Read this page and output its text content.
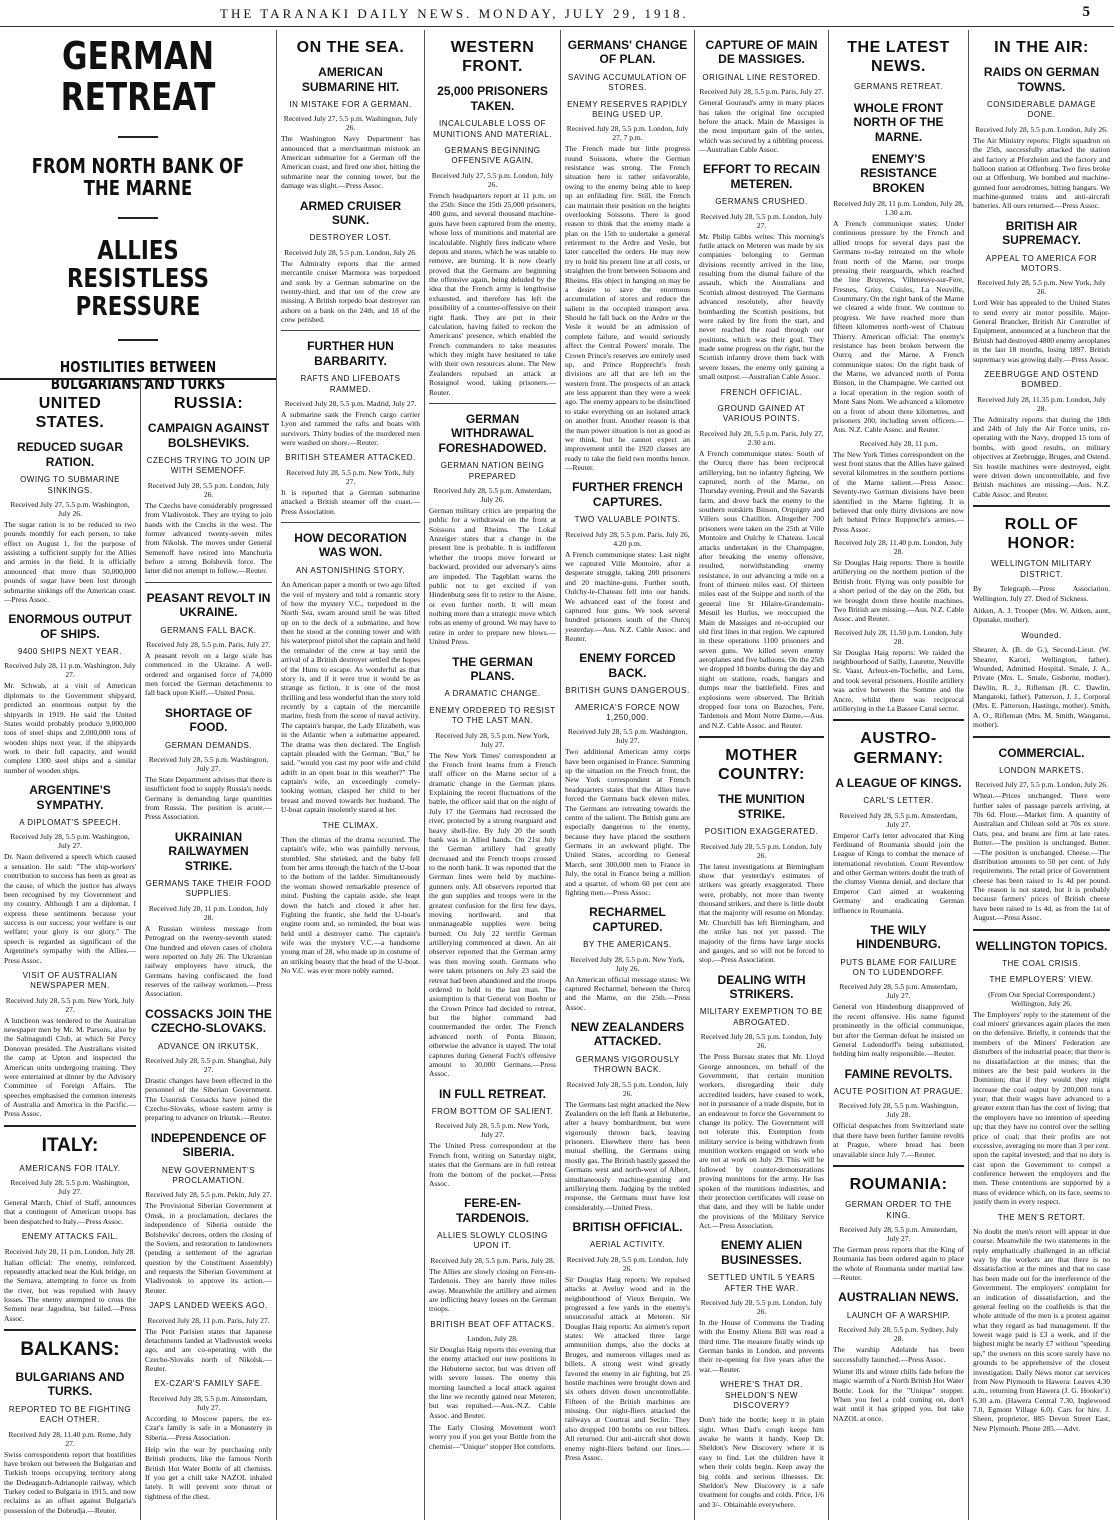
THE TARANAKI DAILY NEWS. MONDAY, JULY 29, 1918.	5

GERMAN RETREAT

FROM NORTH BANK OF THE MARNE

ALLIES RESISTLESS PRESSURE

HOSTILITIES BETWEEN BULGARIANS AND TURKS

UNITED STATES.
REDUCED SUGAR RATION.
OWING TO SUBMARINE SINKINGS.
Received July 27, 5.5 p.m. Washington, July 26.

The sugar ration is to be reduced to two pounds monthly for each person, to take effect on August 1, for the purpose of assisting a sufficient supply for the Allies and armies in the field. It is officially announced that more than 50,000,000 pounds of sugar have been lost through submarine sinkings off the American coast.—Press Assoc.

ENORMOUS OUTPUT OF SHIPS.
9400 SHIPS NEXT YEAR.
Received July 28, 11 p.m. Washington, July 27.

Mr. Schwab, at a visit of American diplomats to the Government shipyard, predicted an enormous output by the shipyards in 1919. He said the United States would probably produce 9,000,000 tons of steel ships and 2,000,000 tons of wooden ships next year, if the shipyards work to their full capacity, and would complete 1300 steel ships and a similar number of wooden ships.

ARGENTINE'S SYMPATHY.
A DIPLOMAT'S SPEECH.
Received July 28, 5.5 p.m. Washington, July 27.

Dr. Naon delivered a speech which caused a sensation. He said: "The ship-workers' contribution to success has been as great as the cause, of which the justice has always been recognised by my Government and my country. Although I am a diplomat, I express these sentiments because your success is our success; your welfare is our welfare; your glory is our glory." The speech is regarded as significant of the Argentine's sympathy with the Allies.—Press Assoc.

VISIT OF AUSTRALIAN NEWSPAPER MEN.
Received July 28, 5.5 p.m. New York, July 27.

A luncheon was tendered to the Australian newspaper men by Mr. M. Parsons, also by the Salmagundi Club, at which Sir Percy Donovan presided. The Australians visited the camp at Upton and inspected the American units undergoing training. They were entertained at dinner by the Advisory Committee of Foreign Affairs. The speeches emphasised the common interests of Australia and America in the Pacific.—Press Assoc.

ITALY:
AMERICANS FOR ITALY.
Received July 28, 5.5 p.m. Washington, July 27.

General March, Chief of Staff, announces that a contingent of American troops has been despatched to Italy.—Press Assoc.

ENEMY ATTACKS FAIL.
Received July 28, 11 p.m. London, July 28.

Italian official: The enemy, reinforced, repeatedly attacked near the Kuk bridge, on the Sernava, attempting to force us from the river, but was repulsed with heavy losses. The enemy attempted to cross the Semeni near Jagodina, but failed.—Press Assoc.

BALKANS:
BULGARIANS AND TURKS.
REPORTED TO BE FIGHTING EACH OTHER.
Received July 28, 11.40 p.m. Rome, July 27.

Swiss correspondents report that hostilities have broken out between the Bulgarian and Turkish troops occupying territory along the Dedeagatch-Adrianople railway, which Turkey ceded to Bulgaria in 1915, and now reclaims as an offset against Bulgaria's possession of the Dobrudja.—Reuter.

RUSSIA:
CAMPAIGN AGAINST BOLSHEVIKS.
CZECHS TRYING TO JOIN UP WITH SEMENOFF.
Received July 28, 5.5 p.m. London, July 26.

The Czechs have considerably progressed from Vladivostok. They are trying to join hands with the Czechs in the west. The former advanced twenty-seven miles from Nikolsk. The moves under General Semenoff have retired into Manchuria before a strong Bolshevik force. The latter did not attempt to follow.—Reuter.

PEASANT REVOLT IN UKRAINE.
GERMANS FALL BACK.
Received July 28, 5.5 p.m. Paris, July 27.

A peasant revolt on a large scale has commenced in the Ukraine. A well-ordered and organised force of 74,000 men forced the German detachments to fall back upon Kieff.—United Press.

SHORTAGE OF FOOD.
GERMAN DEMANDS.
Received July 28, 5.5 p.m. Washington, July 27.

The State Department advises that there is insufficient food to supply Russia's needs. Germany is demanding large quantities from Russia. The position is acute.—Press Association.

UKRAINIAN RAILWAYMEN STRIKE.
GERMANS TAKE THEIR FOOD SUPPLIES.
Received July 28, 11 p.m. London, July 28.

A Russian wireless message from Petrograd on the twenty-seventh stated: One hundred and eleven cases of cholera were reported on July 26. The Ukrainian railway employees have struck, the Germans having confiscated the food reserves of the railway workmen.—Press Association.

COSSACKS JOIN THE CZECHO-SLOVAKS.
ADVANCE ON IRKUTSK.
Received July 28, 5.5 p.m. Shanghai, July 27.

Drastic changes have been effected in the personnel of the Siberian Government. The Ussurisk Cossacks have joined the Czecho-Slovaks, whose eastern army is preparing to advance on Irkutsk.—Reuter.

INDEPENDENCE OF SIBERIA.
NEW GOVERNMENT'S PROCLAMATION.
Received July 28, 5.5 p.m. Pekin, July 27.

The Provisional Siberian Government at Omsk, in a proclamation, declares the independence of Siberia outside the Bolsheviks' decrees, orders the closing of the Soviets, and restoration to landowners (pending a settlement of the agrarian question by the Constituent Assembly) and requests the Siberian Government at Vladivostok to approve its action.—Reuter.

JAPS LANDED WEEKS AGO.
Received July 28, 11 p.m. Paris, July 27.

The Petit Parisien states that Japanese detachments landed at Vladivostok weeks ago, and are co-operating with the Czecho-Slovaks north of Nikolsk.—Reuter.

EX-CZAR'S FAMILY SAFE.
Received July 28, 5.5 p.m. Amsterdam, July 27.

According to Moscow papers, the ex-Czar's family is safe in a Monastery in Siberia.—Press Association.

Help win the war by purchasing only British products, like the famous North British Hot Water Bottle of all chemists. If you get a chill take NAZOL inhaled lately. It will prevent sore throat or tightness of the chest.

ON THE SEA.
AMERICAN SUBMARINE HIT.
IN MISTAKE FOR A GERMAN.
Received July 27, 5.5 p.m. Washington, July 26.

The Washington Navy Department has announced that a merchantman mistook an American submarine for a German off the American coast, and fired one shot, hitting the submarine near the conning tower, but the damage was slight.—Press Assoc.

ARMED CRUISER SUNK.
DESTROYER LOST.
Received July 28, 5.5 p.m. London, July 26.

The Admiralty reports that the armed mercantile cruiser Marmora was torpedoed and sunk by a German submarine on the twenty-third, and that ten of the crew are missing. A British torpedo boat destroyer ran ashore on a bank on the 24th, and 18 of the crew perished.

FURTHER HUN BARBARITY.
RAFTS AND LIFEBOATS RAMMED.
Received July 28, 5.5 p.m. Madrid, July 27.

A submarine sank the French cargo carrier Lyon and rammed the rafts and boats with survivors. Thirty bodies of the murdered men were washed on shore.—Reuter.

BRITISH STEAMER ATTACKED.
Received July 28, 5.5 p.m. New York, July 27.

It is reported that a German submarine attacked a British steamer off the coast.—Press Association.

HOW DECORATION WAS WON.
AN ASTONISHING STORY.

An American paper a month or two ago lifted the veil of mystery and told a romantic story of how the mystery V.C., torpedoed in the North Sea, swam around until he was lifted up on to the deck of a submarine, and how then he stood at the conning tower and with his waterproof pistol shot the captain and held the remainder of the crew at bay until the arrival of a British destroyer settled the hopes of the Huns to escape. As wonderful as that story is, and if it were true it would be as strange as fiction, it is one of the most thrilling and less wonderful than the story told recently by a captain of the mercantile marine, fresh from the scene of naval activity. The captain's barque, the Lady Elizabeth, was in the Atlantic when a submarine appeared. The drama was then declared. The English captain pleaded with the German. "But," he said, "would you cast my poor wife and child adrift in an open boat in this weather?" The captain's wife, an exceedingly comely-looking woman, clasped her child to her breast and moved towards her husband. The U-boat captain insolently stared at her.

THE CLIMAX.

Then the climax of the drama occurred. The captain's wife, who was painfully nervous, stumbled. She shrieked, and the baby fell from her arms through the hatch of the U-boat to the bottom of the ladder. Simultaneously the woman showed remarkable presence of mind. Pushing the captain aside, she leapt down the hatch and closed it after her. Fighting the frantic, she held the U-boat's engine room and, so reminded, the boat was held until a destroyer came. The captain's wife was the mystery V.C.—a handsome young man of 28, who made up in costume of an striking beauty that the head of the U-boat. No V.C. was ever more nobly earned.

WESTERN FRONT.
25,000 PRISONERS TAKEN.
INCALCULABLE LOSS OF MUNITIONS AND MATERIAL.
GERMANS BEGINNING OFFENSIVE AGAIN.
Received July 27, 5.5 p.m. London, July 26.

French headquarters report at 11 p.m. on the 25th: Since the 15th 25,000 prisoners, 400 guns, and several thousand machine-guns have been captured from the enemy, whose loss of munitions and material are incalculable. Nightly fires indicate where depots and stores, which he was unable to remove, are burning. It is now clearly proved that the Germans are beginning the offensive again, being deluded by the idea that the French army is lengthwise exhausted, and therefore has left the possibility of a counter-offensive on their right flank. They are put in their calculation, having failed to reckon the Americans' presence, which enabled the French commanders to take measures which they might have hesitated to take with their own resources alone. The New Zealanders repulsed an attack at Rossignol wood, taking prisoners.—Reuter.

GERMAN WITHDRAWAL FORESHADOWED.
GERMAN NATION BEING PREPARED
Received July 28, 5.5 p.m. Amsterdam, July 26.

German military critics are preparing the public for a withdrawal on the front at Soissons and Rheims. The Lokal Anzeiger states that a change in the present line is probable. It is indifferent whether the troops move forward or backward, provided our adversary's aims are impeded. The Tageblatt warns the public not to get excited if von Hindenburg sees fit to retire to the Aisne, or even further north. It will mean nothing more than a strategic move which robs an enemy of ground. We may have to retire in order to prepare new blows.—United Press.

THE GERMAN PLANS.
A DRAMATIC CHANGE.
ENEMY ORDERED TO RESIST TO THE LAST MAN.
Received July 28, 5.5 p.m. New York, July 27.

The New York Times' correspondent at the French front learns from a French staff officer on the Marne sector of a dramatic change in the German plans. Explaining the recent fluctuations of the battle, the officer said that on the night of July 17 the Germans had recrossed the river, protected by a strong rearguard and heavy shell-fire. By July 20 the south bank was in Allied hands. On 21st July the German artillery had greatly decreased and the French troops crossed to the north bank. It was reported that the German lines were held by machine-gunners only. All observers reported that the gun supplies and troops were in the greatest confusion for the first few days, moving northward, and that unmanageable supplies were being burned. On July 22 terrific German artillerying commenced at dawn. An air observer reported that the German army was then moving south. Germans who were taken prisoners on July 23 said the retreat had been abandoned and the troops ordered to hold to the last man. The assumption is that General von Boehn or the Crown Prince had decided to retreat, but the higher command had countermanded the order. The French advanced north of Ponta Binson, otherwise the advance is stayed. The total captures during General Foch's offensive amount to 30,000 Germans.—Press Assoc.

IN FULL RETREAT.
FROM BOTTOM OF SALIENT.
Received July 28, 5.5 p.m. New York, July 27.

The United Press correspondent at the French front, writing on Saturday night, states that the Germans are in full retreat from the bottom of the pocket.—Press Assoc.

FERE-EN-TARDENOIS.
ALLIES SLOWLY CLOSING UPON IT.
Received July 28, 5.5 p.m. Paris, July 28.

The Allies are slowly closing on Fere-en-Tardenois. They are barely three miles away. Meanwhile the artillery and airmen are inflicting heavy losses on the German troops.

BRITISH BEAT OFF ATTACKS.
London, July 28.

Sir Douglas Haig reports this evening that the enemy attacked our new positions in the Hebuterne sector, but was driven off with severe losses. The enemy this morning launched a local attack against the line we recently gained near Meteren, but was repulsed.—Aus.-N.Z. Cable Assoc. and Reuter.

The Early Closing Movement won't worry you if you get your Bottle from the chemist—"Unique" stopper Hot comforts.

GERMANS' CHANGE OF PLAN.
SAVING ACCUMULATION OF STORES.
ENEMY RESERVES RAPIDLY BEING USED UP.
Received July 28, 5.5 p.m. London, July 27, 7 p.m.

The French made but little progress round Soissons, where the German resistance was strong. The French situation here is rather unfavorable, owing to the enemy being able to keep up an enfilading fire. Still, the French can maintain their position on the heights overlooking Soissons. There is good reason to think that the enemy made a plan on the 15th to undertake a general retirement to the Ardre and Vesle, but later cancelled the orders. He may now try to hold his present line at all costs, or straighten the front between Soissons and Rheims. His object in hanging on may be a desire to save the enormous accumulation of stores and reduce the salient in the occupied transport area. Should he fall back on the Ardre or the Vesle it would be an admission of complete failure, and would seriously affect the Central Powers' morale. The Crown Prince's reserves are entirely used up, and Prince Rupprecht's fresh divisions are all that are left on the western front. The prospects of an attack are less apparent than they were a week ago. The enemy appears to be disinclined to stake everything on an isolated attack on another front. Another reason is that the man power situation is not as good as we think, but he cannot expect an improvement until the 1920 classes are ready to take the field two months hence.—Reuter.

FURTHER FRENCH CAPTURES.
TWO VALUABLE POINTS.
Received July 28, 5.5 p.m. Paris, July 26, 4.20 p.m.

A French communique states: Last night we captured Ville Montoire, after a desperate struggle, taking 200 prisoners and 20 machine-guns. Further south, Oulchy-le-Chateau fell into our hands. We advanced east of the forest and captured four guns. We took several hundred prisoners south of the Ourcq yesterday.—Aus. N.Z. Cable Assoc. and Reuter.

ENEMY FORCED BACK.
BRITISH GUNS DANGEROUS.
AMERICA'S FORCE NOW 1,250,000.
Received July 28, 5.5 p.m. Washington, July 27.

Two additional American army corps have been organised in France. Summing up the situation on the French front, the New York correspondent at French headquarters states that the Allies have forced the Germans back eleven miles. The Germans are retreating towards the centre of the salient. The British guns are especially dangerous to the enemy, because they have placed the southern Germans in an awkward plight. The United States, according to General March, sent 300,000 men to France in July, the total in France being a million and a quarter, of whom 60 per cent are fighting men.—Press Assoc.

RECHARMEL CAPTURED.
BY THE AMERICANS.
Received July 28, 5.5 p.m. New York, July 26.

An American official message states: We captured Recharmel, between the Ourcq and the Marne, on the 25th.—Press Assoc.

NEW ZEALANDERS ATTACKED.
GERMANS VIGOROUSLY THROWN BACK.
Received July 28, 5.5 p.m. London, July 26.

The Germans last night attacked the New Zealanders on the left flank at Hebuterne, after a heavy bombardment, but were vigorously thrown back, leaving prisoners. Elsewhere there has been mutual shelling, the Germans using mostly gas. The British hastily gassed the Germans west and north-west of Albert, simultaneously machine-gunning and artillerying them. Judging by the trebled response, the Germans must have lost considerably.—United Press.

BRITISH OFFICIAL.
AERIAL ACTIVITY.
Received July 28, 5.5 p.m. London, July 26.

Sir Douglas Haig reports: We repulsed attacks at Aveluy wood and in the neighbourhood of Vieux Berquin. We progressed a few yards in the enemy's unsuccessful attack at Meteren. Sir Douglas Haig reports: An airmen's report states: We attacked three large ammunition dumps, also the docks at Bruges, and numerous villages used as billets. A strong west wind greatly favored the enemy in air fighting, but 25 hostile machines were brought down and six others driven down uncontrollable. Fifteen of the British machines are missing. Our night-fliers attacked the railways at Courtrai and Seclin. They also dropped 100 bombs on rest billets. All returned. Our anti-aircraft shot down enemy night-fliers behind our lines.—Press Assoc.

CAPTURE OF MAIN DE MASSIGES.
ORIGINAL LINE RESTORED.
Received July 28, 5.5 p.m. Paris, July 27.

General Gouraud's army in many places has taken the original line occupied before the attack. Main de Massiges is the most important gain of the series, which was secured by a nibbling process.—Australian Cable Assoc.

EFFORT TO RECAIN METEREN.
GERMANS CRUSHED.
Received July 28, 5.5 p.m. London, July 27.

Mr. Philip Gibbs writes: This morning's futile attack on Meteren was made by six companies belonging to German divisions recently arrived in the line, resulting from the dismal failure of the assault, which the Australians and Scottish almost destroyed. The Germans advanced resolutely, after heavily bombarding the Scottish positions, but were raked by fire from the start, and never reached the road through our positions, which was their goal. They made some progress on the right, but the Scottish infantry drove them back with severe losses, the enemy only gaining a small outpost.—Australian Cable Assoc.

FRENCH OFFICIAL.
GROUND GAINED AT VARIOUS POINTS.
Received July 28, 5.5 p.m. Paris, July 27, 2.30 a.m.

A French communique states: South of the Ourcq there has been reciprocal artillerying, but no infantry fighting. We captured, north of the Marne, on Thursday evening, Preuil and the Savards farm, and drove back the enemy to the southern outskirts Binson, Orquigny and Villers sous Chatillon. Altogether 700 prisoners were taken on the 25th at Ville Montoire and Oulchy le Chateau. Local attacks undertaken in the Champagne, after breaking the enemy offensive, resulted, notwithstanding enemy resistance, in our advancing a mile on a front of thirteen miles east. Of thirteen miles east of the Suippe and north of the general line St Hilaire-Grandemain-Mesnil les Hurlus, we reoccupied the Main de Massiges and re-occupied our old first lines in that region. We captured in these operations 1100 prisoners and seven guns. We killed seven enemy aeroplanes and five balloons. On the 25th we dropped 18 bombs during the day and night on stations, roads, hangars and dumps near the battlefield. Fires and explosions were observed. The British dropped four tons on Bazoches, Fere, Tardenois and Mont Notre Dame.—Aus. and N.Z. Cable Assoc. and Reuter.

MOTHER COUNTRY:
THE MUNITION STRIKE.
POSITION EXAGGERATED.
Received July 28, 5.5 p.m. London, July 26.

The latest investigations at Birmingham show that yesterday's estimates of strikers was greatly exaggerated. There were, probably, not more than twenty thousand strikers, and there is little doubt that the majority will resume on Monday. Mr. Churchill has left Birmingham, and the strike has not yet passed. The majority of the firms have large stocks and gauges, and so will not be forced to stop.—Press Association.

DEALING WITH STRIKERS.
MILITARY EXEMPTION TO BE ABROGATED.
Received July 28, 5.5 p.m. London, July 26.

The Press Bureau states that Mr. Lloyd George announces, on behalf of the Government, that certain munition workers, disregarding their duly accredited leaders, have ceased to work, not in pursuance of a trade dispute, but in an endeavour to force the Government to change its policy. The Government will not tolerate this. Exemption from military service is being withdrawn from munition workers engaged on work who are not at work on July 29. This will be followed by counter-demonstrations proving munitions for the army. He has spoken of the munitions industries, and their protection certificates will cease on that date, and they will be liable under the provisions of the Military Service Act.—Press Association.

ENEMY ALIEN BUSINESSES.
SETTLED UNTIL 5 YEARS AFTER THE WAR.
Received July 28, 5.5 p.m. London, July 26.

In the House of Commons the Trading with the Enemy Aliens Bill was read a third time. The measure finally winds up German banks in London, and prevents their re-opening for five years after the war.—Reuter.

WHERE'S THAT DR. SHELDON'S NEW DISCOVERY?

Don't hide the bottle; keep it in plain sight. When Dad's cough keeps him awake he wants it handy. Keep Dr. Sheldon's New Discovery where it is easy to find. Let the children have it when their colds begin. Keep away the big colds and serious illnesses. Dr. Sheldon's New Discovery is a safe treatment for coughs and colds. Price, 1/6 and 3/-. Obtainable everywhere.

THE LATEST NEWS.
GERMANS RETREAT.
WHOLE FRONT NORTH OF THE MARNE.
ENEMY'S RESISTANCE BROKEN
Received July 28, 11 p.m. London, July 28, 1.30 a.m.

A French communique states: Under continuous pressure by the French and allied troops for several days past the Germans to-day retreated on the whole front north of the Marne, our troops pressing their rearguards, which reached the line Bruyeres, Villeneuve-sur-Fere, Fresnes, Grisy, Cuisles, La Neuville, Coummary. On the right bank of the Marne we cleared a wide front. We continue to progress. We have reached more than fifteen kilometres north-west of Chateau Thierry. American official: The enemy's resistance has been broken between the Ourcq and the Marne. A French communique states: On the right bank of the Marne, we advanced north of Ponta Binson, in the Champagne. We carried out a local operation in the region south of Mont Sans Nom. We advanced a kilometre on a front of about three kilometres, and prisoners 200, including seven officers.—Aus. N.Z. Cable Assoc. and Reuter.

Received July 28, 11 p.m.

The New York Times correspondent on the west front states that the Allies have gained several kilometres in the southern portions of the Marne salient.—Press Assoc. Seventy-two German divisions have been identified in the Marne fighting. It is believed that only thirty divisions are now left behind Prince Rupprecht's armies.—Press Assoc.

Received July 28, 11.40 p.m. London, July 28.

Sir Douglas Haig reports: There is hostile artillerying on the northern portion of the British front. Flying was only possible for a short period of the day on the 26th, but we brought down three hostile machines. Two British are missing.—Aus. N.Z. Cable Assoc. and Reuter.

Received July 28, 11.50 p.m. London, July 28.

Sir Douglas Haig reports: We raided the neighbourhood of Sailly, Laurette, Neuville St. Vaast, Arleux-en-Tochelle, and Lens, and took several prisoners. Hostile artillery was active between the Somme and the Ancre, whilst there was reciprocal artillerying in the La Bassee Canal sector.

AUSTRO-GERMANY:
A LEAGUE OF KINGS.
CARL'S LETTER.
Received July 28, 5.5 p.m. Amsterdam, July 27.

Emperor Carl's letter advocated that King Ferdinand of Roumania should join the League of Kings to combat the menace of international revolution. Count Reventlow and other German writers doubt the truth of the clumsy Vienna denial, and declare that Emperor Carl aimed at weakening Germany and eradicating German influence in Roumania.

THE WILY HINDENBURG.
PUTS BLAME FOR FAILURE ON TO LUDENDORFF.
Received July 28, 5.5 p.m. Amsterdam, July 27.

General von Hindenburg disapproved of the recent offensive. His name figured prominently in the official communique, but after the German defeat he insisted on General Ludendorff's being substituted, holding him really responsible.—Reuter.

FAMINE REVOLTS.
ACUTE POSITION AT PRAGUE.
Received July 28, 5.5 p.m. Washington, July 28.

Official despatches from Switzerland state that there have been further famine revolts at Prague, where bread has been unavailable since July 7.—Reuter.

ROUMANIA:
GERMAN ORDER TO THE KING.
Received July 28, 5.5 p.m. Amsterdam, July 27.

The German press reports that the King of Roumania has been ordered again to place the whole of Roumania under martial law.—Reuter.

AUSTRALIAN NEWS.
LAUNCH OF A WARSHIP.
Received July 28, 5.5 p.m. Sydney, July 28.

The warship Adelaide has been successfully launched.—Press Assoc.

Winter ills and winter chills fade before the magic warmth of a North British Hot Water Bottle. Look for the "Unique" stopper. When you feel a cold coming on, don't wait until it has gripped you, but take NAZOL at once.

IN THE AIR:
RAIDS ON GERMAN TOWNS.
CONSIDERABLE DAMAGE DONE.
Received July 28, 5.5 p.m. London, July 26.

The Air Ministry reports: Flight squadron on the 25th, successfully attacked the station and factory at Pforzheim and the factory and balloon station at Offenburg. Two fires broke out at Offenburg. We bombed and machine-gunned four aerodromes, hitting hangars. We machine-gunned trains and anti-aircraft batteries. All ours returned.—Press Assoc.

BRITISH AIR SUPREMACY.
APPEAL TO AMERICA FOR MOTORS.
Received July 28, 5.5 p.m. New York, July 26.

Lord Weir has appealed to the United States to send every air motor possible. Major-General Brancker, British Air Controller of Equipment, announced at a luncheon that the British had destroyed 4800 enemy aeroplanes in the last 18 months, losing 1897. British supremacy was growing daily.—Press Assoc.

ZEEBRUGGE AND OSTEND BOMBED.
Received July 28, 11.35 p.m. London, July 28.

The Admiralty reports that during the 18th and 24th of July the Air Force units, co-operating with the Navy, dropped 15 tons of bombs, with good results, on military objectives at Zeebrugge, Bruges, and Ostend. Six hostile machines were destroyed, eight were driven down uncontrollable, and five British machines are missing.—Aus. N.Z. Cable Assoc. and Reuter.

ROLL OF HONOR:
WELLINGTON MILITARY DISTRICT.

By Telegraph.—Press Association. Wellington, July 27. Died of Sickness.

Aitken, A. J. Trooper (Mrs. W. Aitken, aunt, Opunake, mother).

Wounded.

Shearer, A. (B. de G.), Second-Lieut. (W. Shearer, Karori, Wellington, father). Wounded, Admitted Hospital. Smale, J. A., Private (Mrs. L. Smale, Gisborne, mother). Dawlin, R. J., Rifleman (R. C. Dawlin, Mangatoki, father). Patterson, J. J., Corporal (Mrs. E. Patterson, Hastings, mother). Smith, A. O., Rifleman (Mrs. M. Smith, Wanganui, mother).

COMMERCIAL.
LONDON MARKETS.
Received July 27, 5.5 p.m. London, July 26.

Wheat.—Prices unchanged. There were further sales of passage parcels arriving, at 70s 6d. Flour.—Market firm. A quantity of Australian and Chilean sold at 70s ex store. Oats, pea, and beans are firm at late rates. Butter.—The position is unchanged. Butter.—The position is unchanged. Cheese.—The distribution amounts to 50 per cent. of July requirements. The retail price of Government cheese has been raised to 1s 4d per pound. The reason is not stated, but it is probably because farmers' prices of British cheese have been raised to 1s 4d, as from the 1st of August.—Press Assoc.

WELLINGTON TOPICS.
THE COAL CRISIS.
THE EMPLOYERS' VIEW.
(From Our Special Correspondent.) Wellington, July 26.

The Employers' reply to the statement of the coal miners' grievances again places the men on the defensive. Briefly, it contends that the members of the Miners' Federation are disturbers of the industrial peace; that there is no dissatisfaction at the mines; that the miners are the best paid workers in the Dominion; that if they would they might increase the coal output by 200,000 tons a year; that their wages have advanced to a greater extent than has the cost of living; that the employers have no intention of speeding up; that they have no control over the selling price of coal; that their profits are not excessive, averaging no more than 3 per cent. upon the capital invested; and that no duty is cast upon the Government to compel a conference between the employers and the men. These contentions are supported by a mass of evidence which, on its face, seems to justify them in every respect.

THE MEN'S RETORT.

No doubt the men's retort will appear in due course. Meanwhile the two statements in the reply emphatically challenged in an official way by the workers are that there is no dissatisfaction at the mines and that no case has been made out for the interference of the Government. The employers' complaint for an indication of dissatisfaction, and the general feeling on the coalfields is that the whole attitude of the men is a protest against what they regard as bad management. If the lowest wage paid is £3 a week, and if the highest might be nearly £7 without "speeding up," the owners on this score surely have no grounds to be apprehensive of the closest investigation. Daily News motor car services from New Plymouth to Hawera: Leaves 4.30 a.m., returning from Hawera (J. G. Hooker's) 6.30 a.m. (Hawera Central 7.30, Inglewood 7.0, Egmont Village 6.0). Cars for hire. J. Sheen, proprietor, 885 Devon Street East, New Plymouth. Phone 285.—Advt.
